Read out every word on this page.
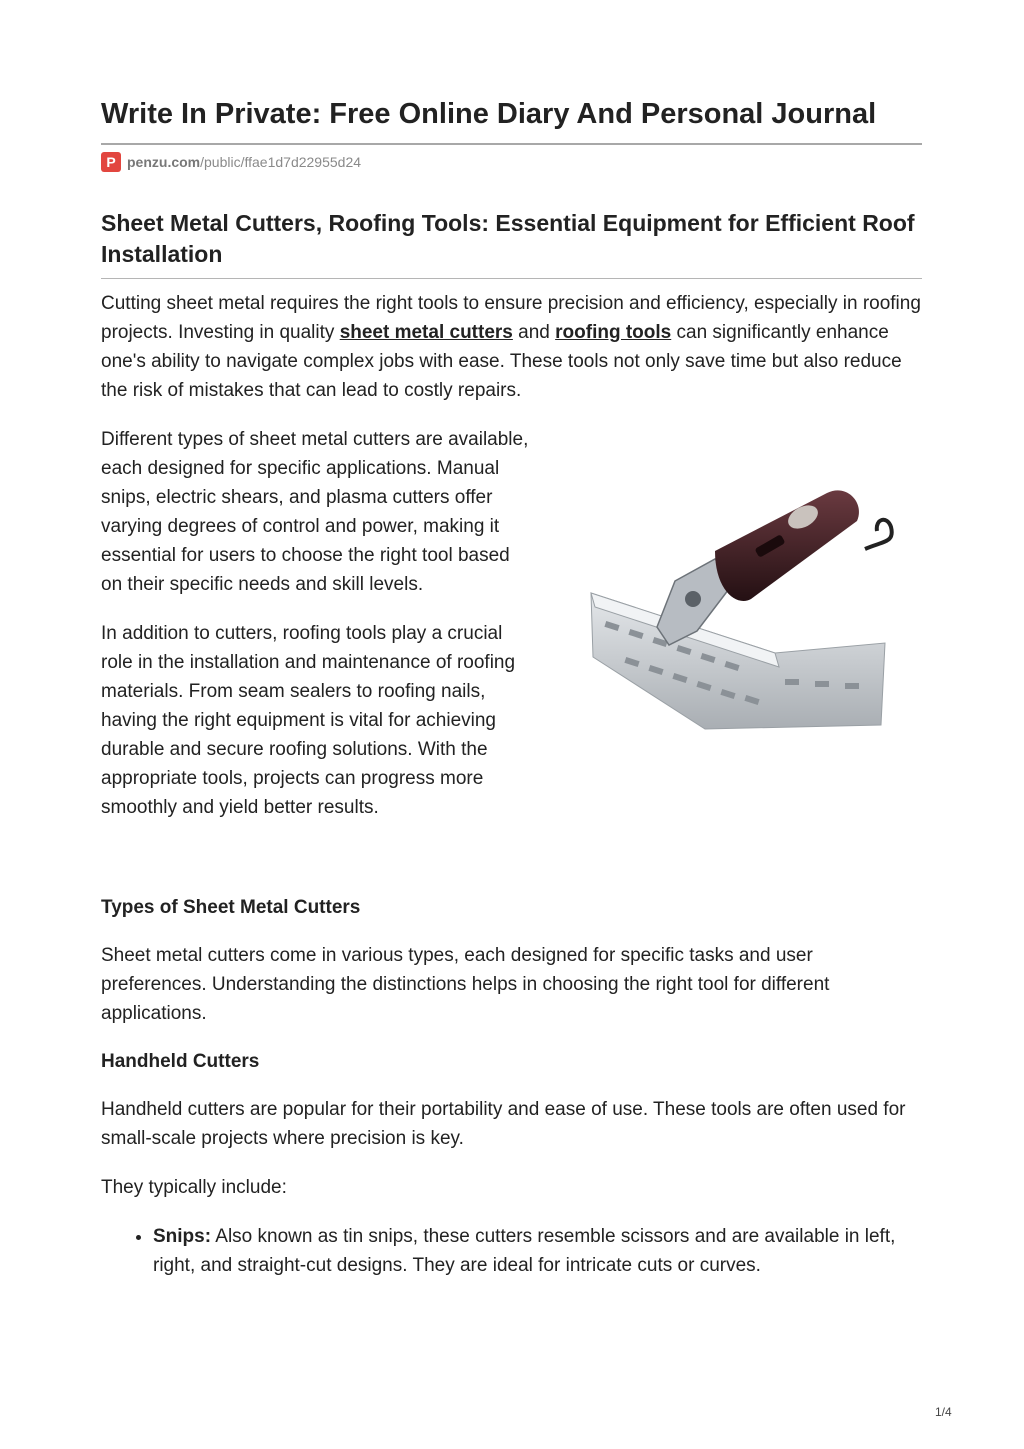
Write In Private: Free Online Diary And Personal Journal
P penzu.com /public/ffae1d7d22955d24
Sheet Metal Cutters, Roofing Tools: Essential Equipment for Efficient Roof Installation

Cutting sheet metal requires the right tools to ensure precision and efficiency, especially in roofing projects. Investing in quality sheet metal cutters and roofing tools can significantly enhance one's ability to navigate complex jobs with ease. These tools not only save time but also reduce the risk of mistakes that can lead to costly repairs.

Different types of sheet metal cutters are available, each designed for specific applications. Manual snips, electric shears, and plasma cutters offer varying degrees of control and power, making it essential for users to choose the right tool based on their specific needs and skill levels.

In addition to cutters, roofing tools play a crucial role in the installation and maintenance of roofing materials. From seam sealers to roofing nails, having the right equipment is vital for achieving durable and secure roofing solutions. With the appropriate tools, projects can progress more smoothly and yield better results.

Types of Sheet Metal Cutters

Sheet metal cutters come in various types, each designed for specific tasks and user preferences. Understanding the distinctions helps in choosing the right tool for different applications.

Handheld Cutters

Handheld cutters are popular for their portability and ease of use. These tools are often used for small-scale projects where precision is key.

They typically include:

• Snips: Also known as tin snips, these cutters resemble scissors and are available in left, right, and straight-cut designs. They are ideal for intricate cuts or curves.
1/4
